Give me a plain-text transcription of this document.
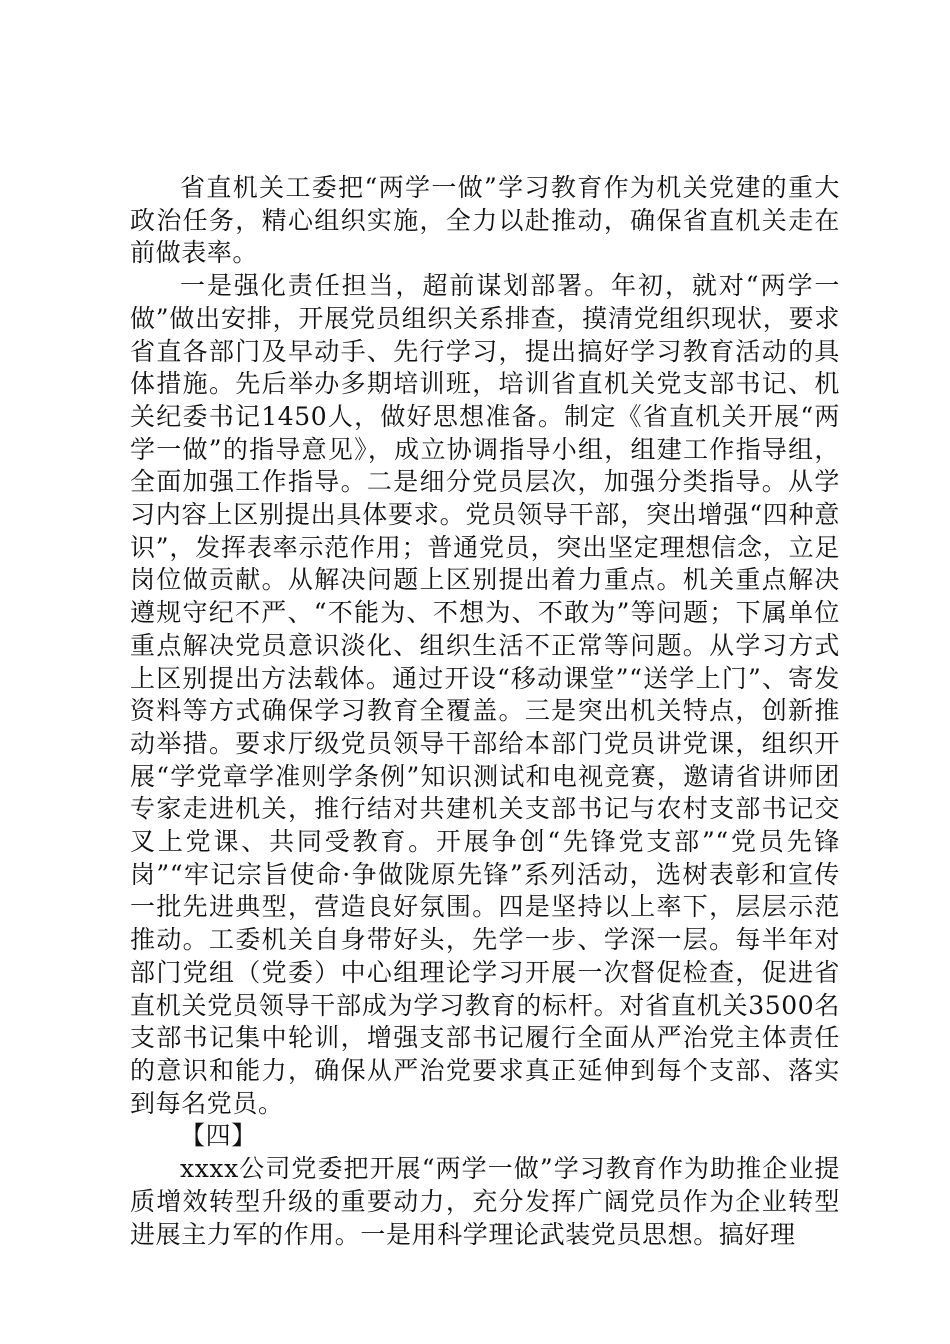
省直机关工委把“两学一做”学习教育作为机关党建的重大政治任务，精心组织实施，全力以赴推动，确保省直机关走在前做表率。

一是强化责任担当，超前谋划部署。年初，就对“两学一做”做出安排，开展党员组织关系排查，摸清党组织现状，要求省直各部门及早动手、先行学习，提出搞好学习教育活动的具体措施。先后举办多期培训班，培训省直机关党支部书记、机关纪委书记1450人，做好思想准备。制定《省直机关开展“两学一做”的指导意见》，成立协调指导小组，组建工作指导组，全面加强工作指导。二是细分党员层次，加强分类指导。从学习内容上区别提出具体要求。党员领导干部，突出增强“四种意识”，发挥表率示范作用；普通党员，突出坚定理想信念，立足岗位做贡献。从解决问题上区别提出着力重点。机关重点解决遵规守纪不严、“不能为、不想为、不敢为”等问题；下属单位重点解决党员意识淡化、组织生活不正常等问题。从学习方式上区别提出方法载体。通过开设“移动课堂”“送学上门”、寄发资料等方式确保学习教育全覆盖。三是突出机关特点，创新推动举措。要求厅级党员领导干部给本部门党员讲党课，组织开展“学党章学准则学条例”知识测试和电视竞赛，邀请省讲师团专家走进机关，推行结对共建机关支部书记与农村支部书记交叉上党课、共同受教育。开展争创“先锋党支部”“党员先锋岗”“牢记宗旨使命·争做陇原先锋”系列活动，选树表彰和宣传一批先进典型，营造良好氛围。四是坚持以上率下，层层示范推动。工委机关自身带好头，先学一步、学深一层。每半年对部门党组（党委）中心组理论学习开展一次督促检查，促进省直机关党员领导干部成为学习教育的标杆。对省直机关3500名支部书记集中轮训，增强支部书记履行全面从严治党主体责任的意识和能力，确保从严治党要求真正延伸到每个支部、落实到每名党员。

【四】

xxxx公司党委把开展“两学一做”学习教育作为助推企业提质增效转型升级的重要动力，充分发挥广阔党员作为企业转型进展主力军的作用。一是用科学理论武装党员思想。搞好理
